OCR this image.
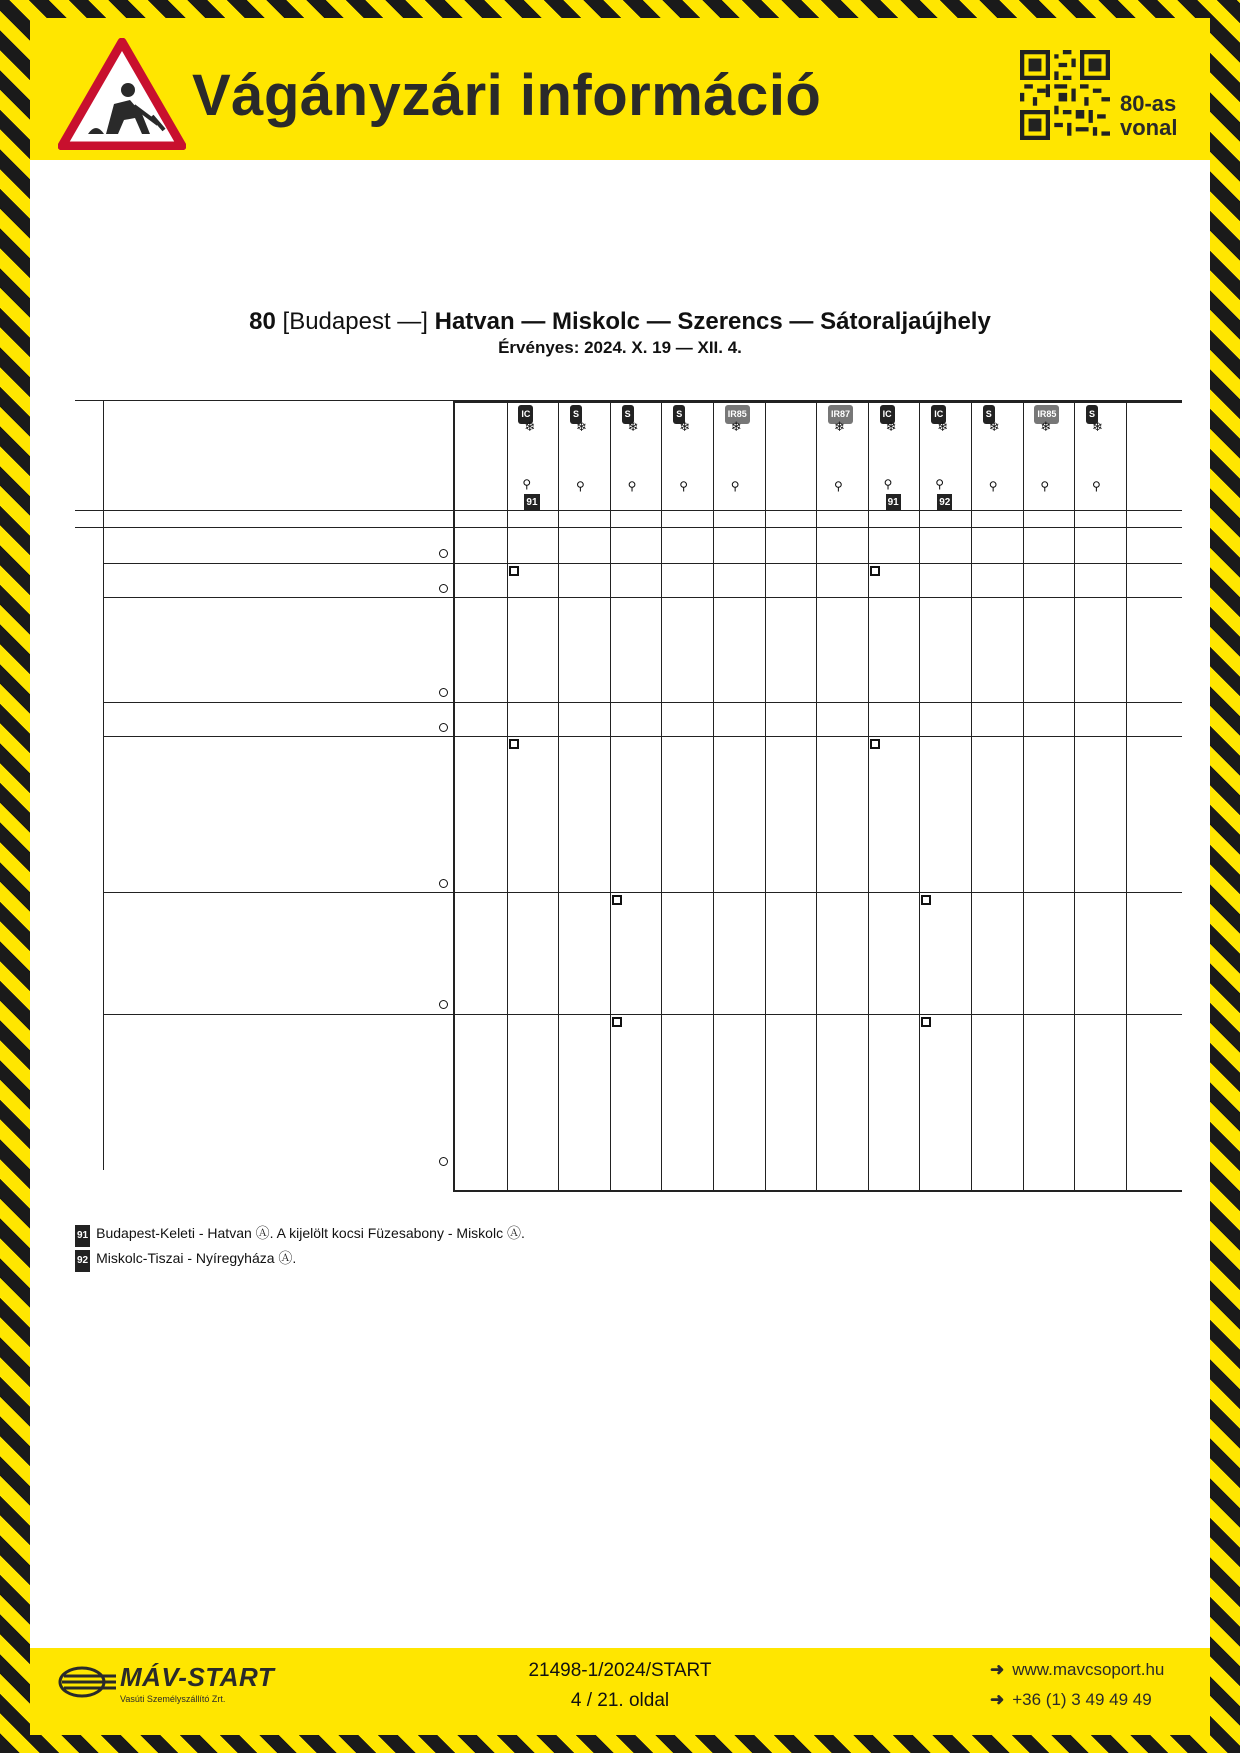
Vágányzári információ	80-as
vonal
80 [Budapest —] Hatvan — Miskolc — Szerencs — Sátoraljaújhely
Érvényes: 2024. X. 19 — XII. 4.
IC
❄
⚲
91
S
❄
⚲
S
❄
⚲
S
❄
⚲
IR85
❄
⚲
IR87
❄
⚲
IC
❄
⚲
91
IC
❄
⚲
92
S
❄
⚲
IR85
❄
⚲
S
❄
⚲
91 Budapest-Keleti - Hatvan Ⓐ. A kijelölt kocsi Füzesabony - Miskolc Ⓐ.
92 Miskolc-Tiszai - Nyíregyháza Ⓐ.
MÁV-START
Vasúti Személyszállító Zrt.
21498-1/2024/START
4 / 21. oldal
➜ www.mavcsoport.hu
➜ +36 (1) 3 49 49 49
